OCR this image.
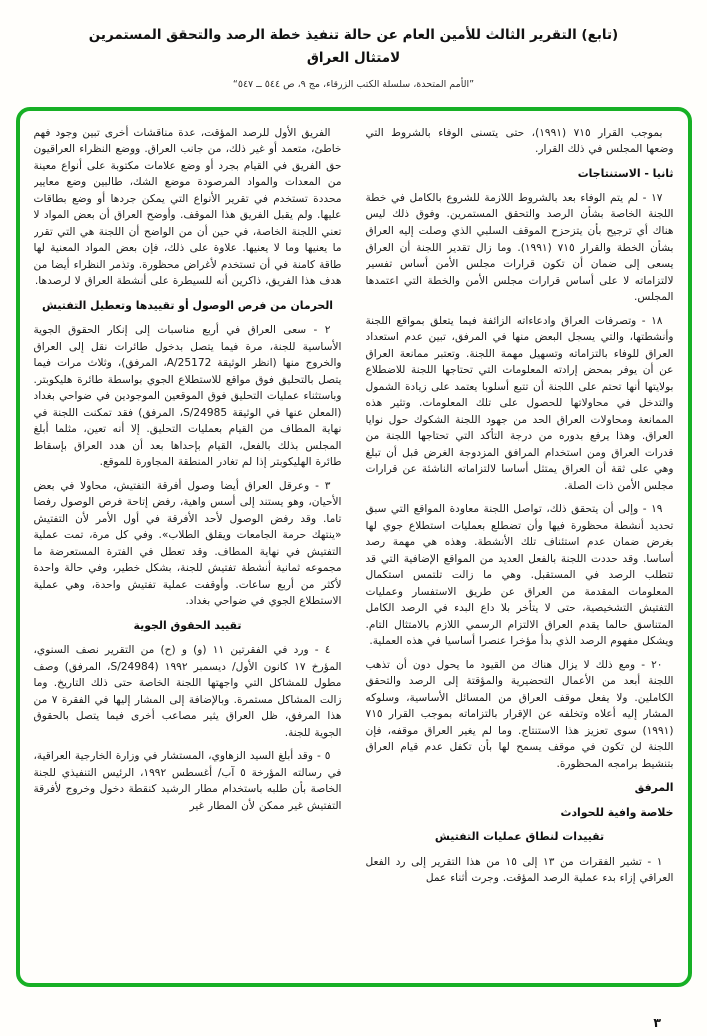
(تابع) التقرير الثالث للأمين العام عن حالة تنفيذ خطة الرصد والتحقق المستمرين
لامتثال العراق
”الأمم المتحدة، سلسلة الكتب الزرقاء، مج ٩، ص ٥٤٤ ــ ٥٤٧“

بموجب القرار ٧١٥ (١٩٩١)، حتى يتسنى الوفاء بالشروط التي وضعها المجلس في ذلك القرار.

ثانيا - الاستنتاجات

١٧ - لم يتم الوفاء بعد بالشروط اللازمة للشروع بالكامل في خطة اللجنة الخاصة بشأن الرصد والتحقق المستمرين. وفوق ذلك ليس هناك أي ترجيح بأن يتزحزح الموقف السلبي الذي وصلت إليه العراق بشأن الخطة والقرار ٧١٥ (١٩٩١). وما زال تقدير اللجنة أن العراق يسعى إلى ضمان أن تكون قرارات مجلس الأمن أساس تفسير لالتزاماته لا على أساس قرارات مجلس الأمن والخطة التي اعتمدها المجلس.

١٨ - وتصرفات العراق وادعاءاته الزائفة فيما يتعلق بمواقع اللجنة وأنشطتها، والتي يسجل البعض منها في المرفق، تبين عدم استعداد العراق للوفاء بالتزاماته وتسهيل مهمة اللجنة. وتعتبر ممانعة العراق عن أن يوفر بمحض إرادته المعلومات التي تحتاجها اللجنة للاضطلاع بولايتها أنها تحتم على اللجنة أن تتبع أسلوبا يعتمد على زيادة الشمول والتدخل في محاولاتها للحصول على تلك المعلومات. وتثير هذه الممانعة ومحاولات العراق الحد من جهود اللجنة الشكوك حول نوايا العراق. وهذا يرفع بدوره من درجة التأكد التي تحتاجها اللجنة من قدرات العراق ومن استخدام المرافق المزدوجة الغرض قبل أن تبلغ وهي على ثقة أن العراق يمتثل أساسا لالتزاماته الناشئة عن قرارات مجلس الأمن ذات الصلة.

١٩ - وإلى أن يتحقق ذلك، تواصل اللجنة معاودة المواقع التي سبق تحديد أنشطة محظورة فيها وأن تضطلع بعمليات استطلاع جوي لها بغرض ضمان عدم استئناف تلك الأنشطة. وهذه هي مهمة رصد أساسا. وقد حددت اللجنة بالفعل العديد من المواقع الإضافية التي قد تتطلب الرصد في المستقبل. وهي ما زالت تلتمس استكمال المعلومات المقدمة من العراق عن طريق الاستفسار وعمليات التفتيش التشخيصية، حتى لا يتأخر بلا داع البدء في الرصد الكامل المتناسق حالما يقدم العراق الالتزام الرسمي اللازم بالامتثال التام. ويشكل مفهوم الرصد الذي بدأ مؤخرا عنصرا أساسيا في هذه العملية.

٢٠ - ومع ذلك لا يزال هناك من القيود ما يحول دون أن تذهب اللجنة أبعد من الأعمال التحضيرية والمؤقتة إلى الرصد والتحقق الكاملين. ولا يفعل موقف العراق من المسائل الأساسية، وسلوكه المشار إليه أعلاه وتخلفه عن الإقرار بالتزاماته بموجب القرار ٧١٥ (١٩٩١) سوى تعزيز هذا الاستنتاج. وما لم يغير العراق موقفه، فإن اللجنة لن تكون في موقف يسمح لها بأن تكفل عدم قيام العراق بتنشيط برامجه المحظورة.

المرفق
خلاصة وافية للحوادث
تقييدات لنطاق عمليات التفتيش

١ - تشير الفقرات من ١٣ إلى ١٥ من هذا التقرير إلى رد الفعل العراقي إزاء بدء عملية الرصد المؤقت. وجرت أثناء عمل

الفريق الأول للرصد المؤقت، عدة مناقشات أخرى تبين وجود فهم خاطئ، متعمد أو غير ذلك، من جانب العراق. ووضع النظراء العراقيون حق الفريق في القيام بجرد أو وضع علامات مكتوبة على أنواع معينة من المعدات والمواد المرصودة موضع الشك، طالبين وضع معايير محددة تستخدم في تقرير الأنواع التي يمكن جردها أو وضع بطاقات عليها. ولم يقبل الفريق هذا الموقف. وأوضح العراق أن بعض المواد لا تعني اللجنة الخاصة، في حين أن من الواضح أن اللجنة هي التي تقرر ما يعنيها وما لا يعنيها. علاوة على ذلك، فإن بعض المواد المعنية لها طاقة كامنة في أن تستخدم لأغراض محظورة. وتذمر النظراء أيضا من هدف هذا الفريق، ذاكرين أنه للسيطرة على أنشطة العراق لا لرصدها.

الحرمان من فرص الوصول أو تقييدها وتعطيل التفتيش

٢ - سعى العراق في أربع مناسبات إلى إنكار الحقوق الجوية الأساسية للجنة، مرة فيما يتصل بدخول طائرات نقل إلى العراق والخروج منها (انظر الوثيقة A/25172، المرفق)، وثلاث مرات فيما يتصل بالتحليق فوق مواقع للاستطلاع الجوي بواسطة طائرة هليكوبتر. وباستثناء عمليات التحليق فوق الموقعين الموجودين في ضواحي بغداد (المعلن عنها في الوثيقة S/24985، المرفق) فقد تمكنت اللجنة في نهاية المطاف من القيام بعمليات التحليق. إلا أنه تعين، مثلما أبلغ المجلس بذلك بالفعل، القيام بإحداها بعد أن هدد العراق بإسقاط طائرة الهليكوبتر إذا لم تغادر المنطقة المجاورة للموقع.

٣ - وعرقل العراق أيضا وصول أفرقة التفتيش، محاولا في بعض الأحيان، وهو يستند إلى أسس واهية، رفض إتاحة فرص الوصول رفضا تاما. وقد رفض الوصول لأحد الأفرقة في أول الأمر لأن التفتيش «ينتهك حرمة الجامعات ويقلق الطلاب». وفي كل مرة، تمت عملية التفتيش في نهاية المطاف. وقد تعطل في الفترة المستعرضة ما مجموعه ثمانية أنشطة تفتيش للجنة، بشكل خطير، وفي حالة واحدة لأكثر من أربع ساعات. وأوقفت عملية تفتيش واحدة، وهي عملية الاستطلاع الجوي في ضواحي بغداد.

تقييد الحقوق الجوية

٤ - ورد في الفقرتين ١١ (و) و (ح) من التقرير نصف السنوي، المؤرخ ١٧ كانون الأول/ ديسمبر ١٩٩٢ (S/24984، المرفق) وصف مطول للمشاكل التي واجهتها اللجنة الخاصة حتى ذلك التاريخ. وما زالت المشاكل مستمرة. وبالإضافة إلى المشار إليها في الفقرة ٧ من هذا المرفق، ظل العراق يثير مصاعب أخرى فيما يتصل بالحقوق الجوية للجنة.

٥ - وقد أبلغ السيد الزهاوي، المستشار في وزارة الخارجية العراقية، في رسالته المؤرخة ٥ آب/ أغسطس ١٩٩٢، الرئيس التنفيذي للجنة الخاصة بأن طلبه باستخدام مطار الرشيد كنقطة دخول وخروج لأفرقة التفتيش غير ممكن لأن المطار غير

٣
